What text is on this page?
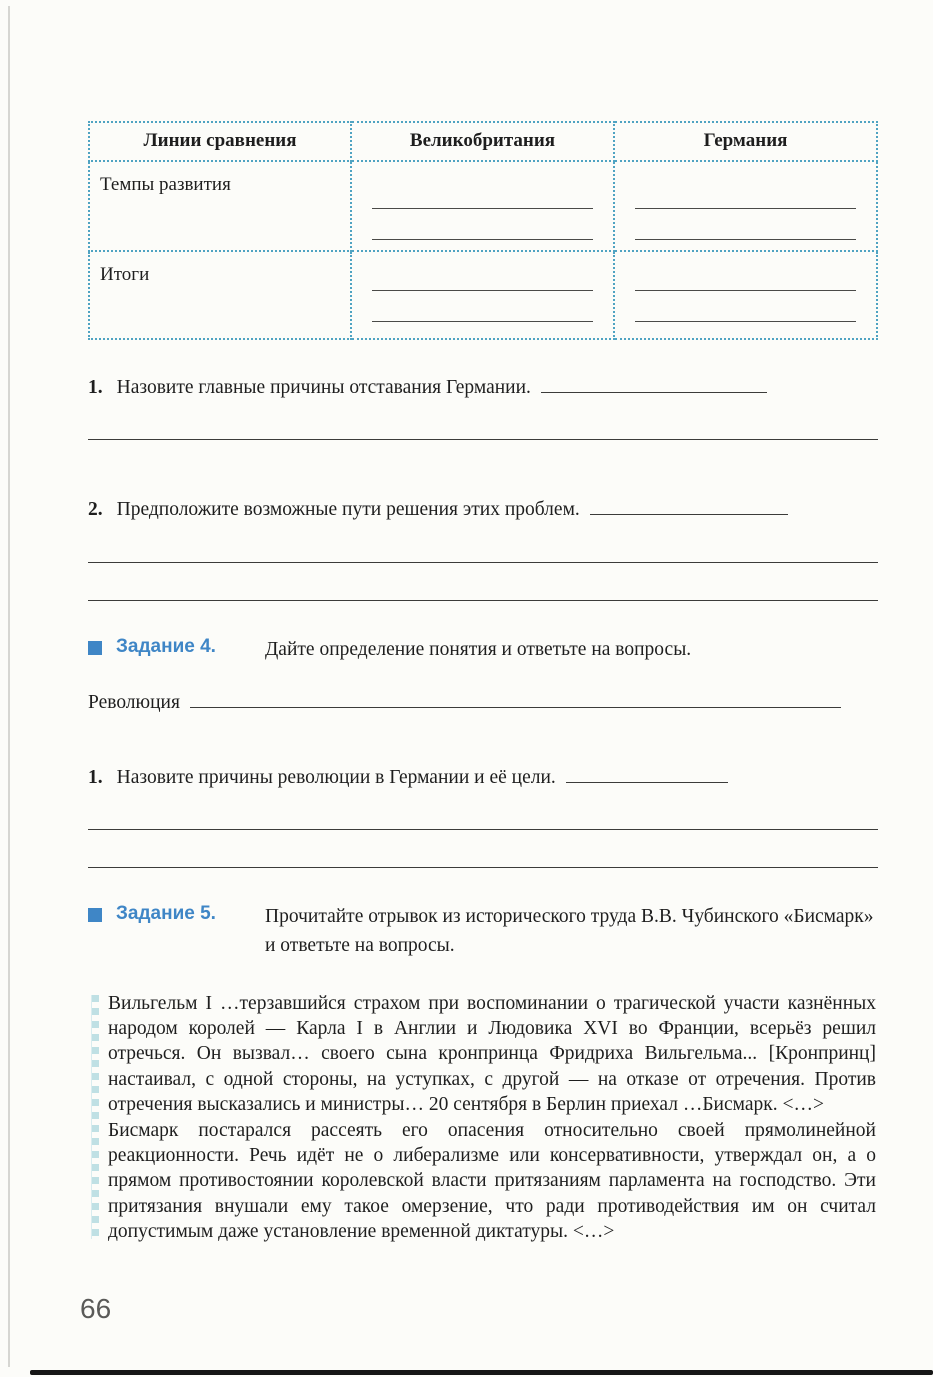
Линии сравнения	Великобритания	Германия

Темпы развития		

Итоги		

1. Назовите главные причины отставания Германии.

2. Предположите возможные пути решения этих проблем.

Задание 4.	Дайте определение понятия и ответьте на вопросы.

Революция

1. Назовите причины революции в Германии и её цели.

Задание 5.	Прочитайте отрывок из исторического труда В.В. Чубинского «Бисмарк» и ответьте на вопросы.

Вильгельм I …терзавшийся страхом при воспоминании о трагической участи казнённых народом королей — Карла I в Англии и Людовика XVI во Франции, всерьёз решил отречься. Он вызвал… своего сына кронпринца Фридриха Вильгельма... [Кронпринц] настаивал, с одной стороны, на уступках, с другой — на отказе от отречения. Против отречения высказались и министры… 20 сентября в Берлин приехал …Бисмарк. <…>

Бисмарк постарался рассеять его опасения относительно своей прямолинейной реакционности. Речь идёт не о либерализме или консервативности, утверждал он, а о прямом противостоянии королевской власти притязаниям парламента на господство. Эти притязания внушали ему такое омерзение, что ради противодействия им он считал допустимым даже установление временной диктатуры. <…>

66
